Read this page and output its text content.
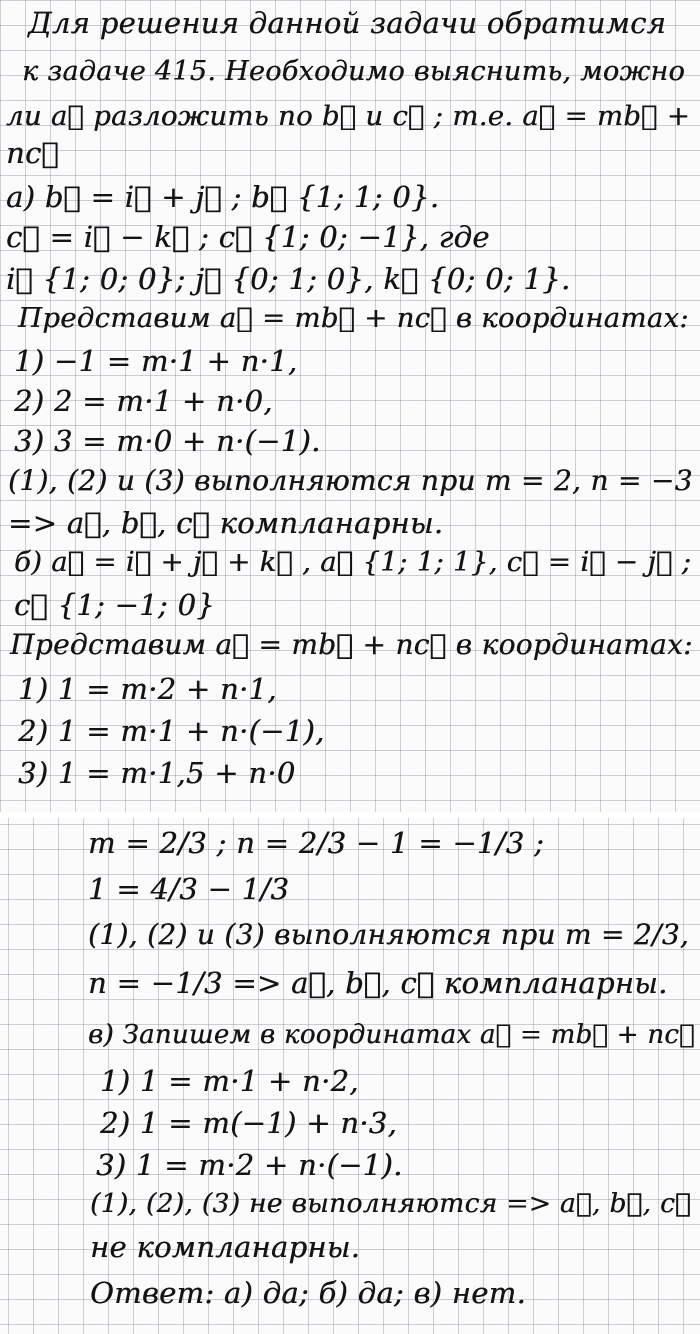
Для решения данной задачи обратимся
к задаче 415. Необходимо выяснить, можно
ли a⃗ разложить по b⃗ и c⃗ ; т.е. a⃗ = mb⃗ +
nc⃗
а) b⃗ = i⃗ + j⃗ ; b⃗ {1; 1; 0}.
c⃗ = i⃗ − k⃗ ; c⃗ {1; 0; −1}, где
i⃗ {1; 0; 0}; j⃗ {0; 1; 0}, k⃗ {0; 0; 1}.
Представим a⃗ = mb⃗ + nc⃗ в координатах:
1) −1 = m·1 + n·1,
2) 2 = m·1 + n·0,
3) 3 = m·0 + n·(−1).
(1), (2) и (3) выполняются при m = 2, n = −3
=> a⃗, b⃗, c⃗ компланарны.
б) a⃗ = i⃗ + j⃗ + k⃗ , a⃗ {1; 1; 1}, c⃗ = i⃗ − j⃗ ;
c⃗ {1; −1; 0}
Представим a⃗ = mb⃗ + nc⃗ в координатах:
1) 1 = m·2 + n·1,
2) 1 = m·1 + n·(−1),
3) 1 = m·1,5 + n·0
m = 2/3 ; n = 2/3 − 1 = −1/3 ;
1 = 4/3 − 1/3
(1), (2) и (3) выполняются при m = 2/3,
n = −1/3 => a⃗, b⃗, c⃗ компланарны.
в) Запишем в координатах a⃗ = mb⃗ + nc⃗
1) 1 = m·1 + n·2,
2) 1 = m(−1) + n·3,
3) 1 = m·2 + n·(−1).
(1), (2), (3) не выполняются => a⃗, b⃗, c⃗
не компланарны.
Ответ: а) да; б) да; в) нет.
